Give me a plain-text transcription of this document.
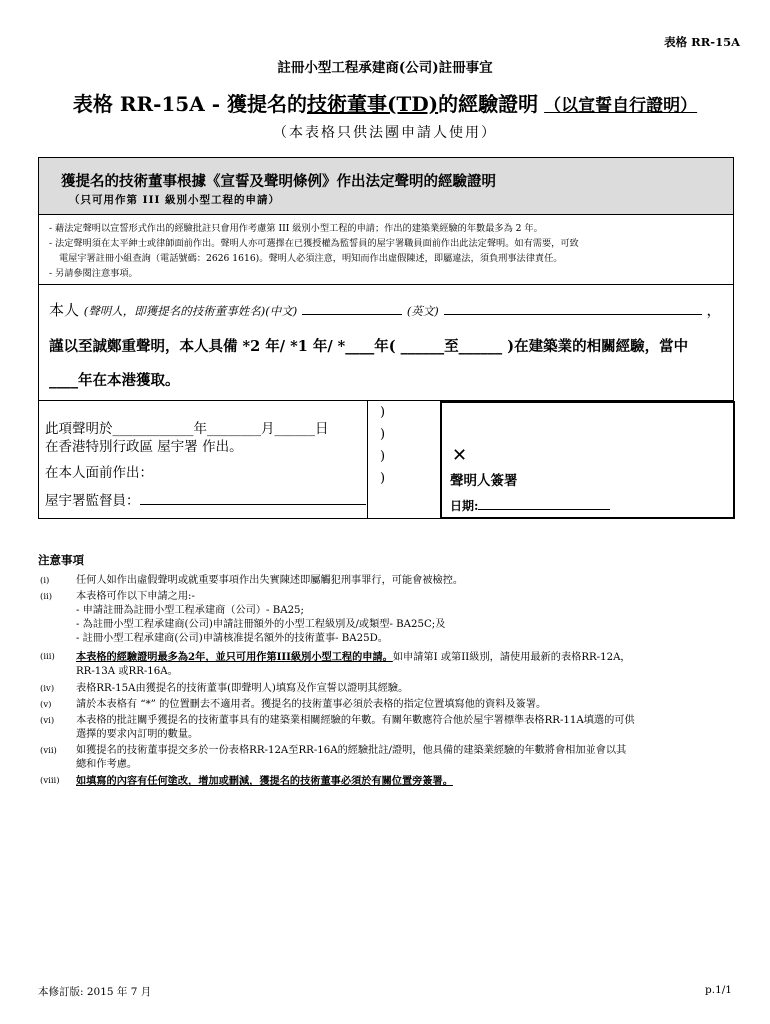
表格 RR-15A
註冊小型工程承建商(公司)註冊事宜
表格 RR-15A - 獲提名的技術董事(TD)的經驗證明 （以宣誓自行證明）
（本表格只供法團申請人使用）
獲提名的技術董事根據《宣誓及聲明條例》作出法定聲明的經驗證明
（只可用作第 III 級別小型工程的申請）
- 藉法定聲明以宣誓形式作出的經驗批註只會用作考慮第 III 級別小型工程的申請；作出的建築業經驗的年數最多為 2 年。
- 法定聲明須在太平紳士或律師面前作出。聲明人亦可選擇在已獲授權為監誓員的屋宇署職員面前作出此法定聲明。如有需要，可致
電屋宇署註冊小組查詢（電話號碼：2626 1616)。聲明人必須注意，明知而作出虛假陳述，即屬違法，須負刑事法律責任。
- 另請參閱注意事項。
本人 (聲明人，即獲提名的技術董事姓名)(中文)	(英文)	，
謹以至誠鄭重聲明，本人具備 *2 年/ *1 年/ *____年( ______至______ )在建築業的相關經驗，當中
____年在本港獲取。
此項聲明於____________年________月______日
在香港特別行政區 屋宇署 作出。
在本人面前作出：
屋宇署監督員：
)
)
)
)
✕
聲明人簽署
日期:
注意事項
(i)	任何人如作出虛假聲明或就重要事項作出失實陳述即屬觸犯刑事罪行，可能會被檢控。
(ii) 本表格可作以下申請之用:-
- 申請註冊為註冊小型工程承建商（公司）- BA25;
- 為註冊小型工程承建商(公司)申請註冊額外的小型工程級別及/或類型- BA25C;及
- 註冊小型工程承建商(公司)申請核准提名額外的技術董事- BA25D。
(iii) 本表格的經驗證明最多為2年，並只可用作第III級別小型工程的申請。如申請第I 或第II級別，請使用最新的表格RR-12A，
RR-13A 或RR-16A。
(iv) 表格RR-15A由獲提名的技術董事(即聲明人)填寫及作宣誓以證明其經驗。
(v) 請於本表格有 “*” 的位置刪去不適用者。獲提名的技術董事必須於表格的指定位置填寫他的資料及簽署。
(vi) 本表格的批註關乎獲提名的技術董事具有的建築業相關經驗的年數。有關年數應符合他於屋宇署標準表格RR-11A填選的可供
選擇的要求內訂明的數量。
(vii) 如獲提名的技術董事提交多於一份表格RR-12A至RR-16A的經驗批註/證明，他具備的建築業經驗的年數將會相加並會以其
總和作考慮。
(viii) 如填寫的內容有任何塗改，增加或刪減，獲提名的技術董事必須於有關位置旁簽署。
本修訂版: 2015 年 7 月	p.1/1
